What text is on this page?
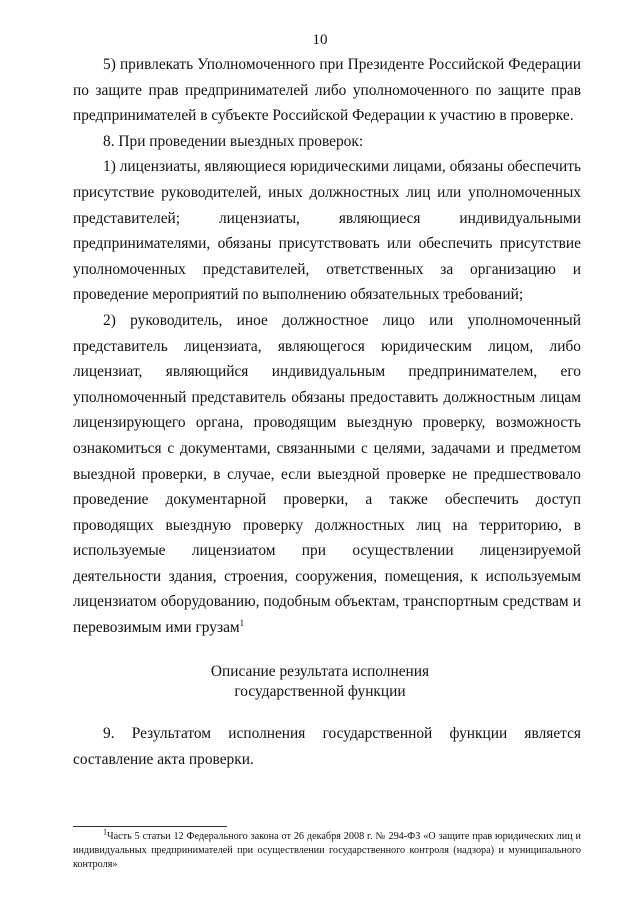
10

5) привлекать Уполномоченного при Президенте Российской Федерации по защите прав предпринимателей либо уполномоченного по защите прав предпринимателей в субъекте Российской Федерации к участию в проверке.

8. При проведении выездных проверок:

1) лицензиаты, являющиеся юридическими лицами, обязаны обеспечить присутствие руководителей, иных должностных лиц или уполномоченных представителей; лицензиаты, являющиеся индивидуальными предпринимателями, обязаны присутствовать или обеспечить присутствие уполномоченных представителей, ответственных за организацию и проведение мероприятий по выполнению обязательных требований;

2) руководитель, иное должностное лицо или уполномоченный представитель лицензиата, являющегося юридическим лицом, либо лицензиат, являющийся индивидуальным предпринимателем, его уполномоченный представитель обязаны предоставить должностным лицам лицензирующего органа, проводящим выездную проверку, возможность ознакомиться с документами, связанными с целями, задачами и предметом выездной проверки, в случае, если выездной проверке не предшествовало проведение документарной проверки, а также обеспечить доступ проводящих выездную проверку должностных лиц на территорию, в используемые лицензиатом при осуществлении лицензируемой деятельности здания, строения, сооружения, помещения, к используемым лицензиатом оборудованию, подобным объектам, транспортным средствам и перевозимым ими грузам$^1$

Описание результата исполнения
государственной функции

9. Результатом исполнения государственной функции является составление акта проверки.

$^1$Часть 5 статьи 12 Федерального закона от 26 декабря 2008 г. № 294-ФЗ «О защите прав юридических лиц и индивидуальных предпринимателей при осуществлении государственного контроля (надзора) и муниципального контроля»
